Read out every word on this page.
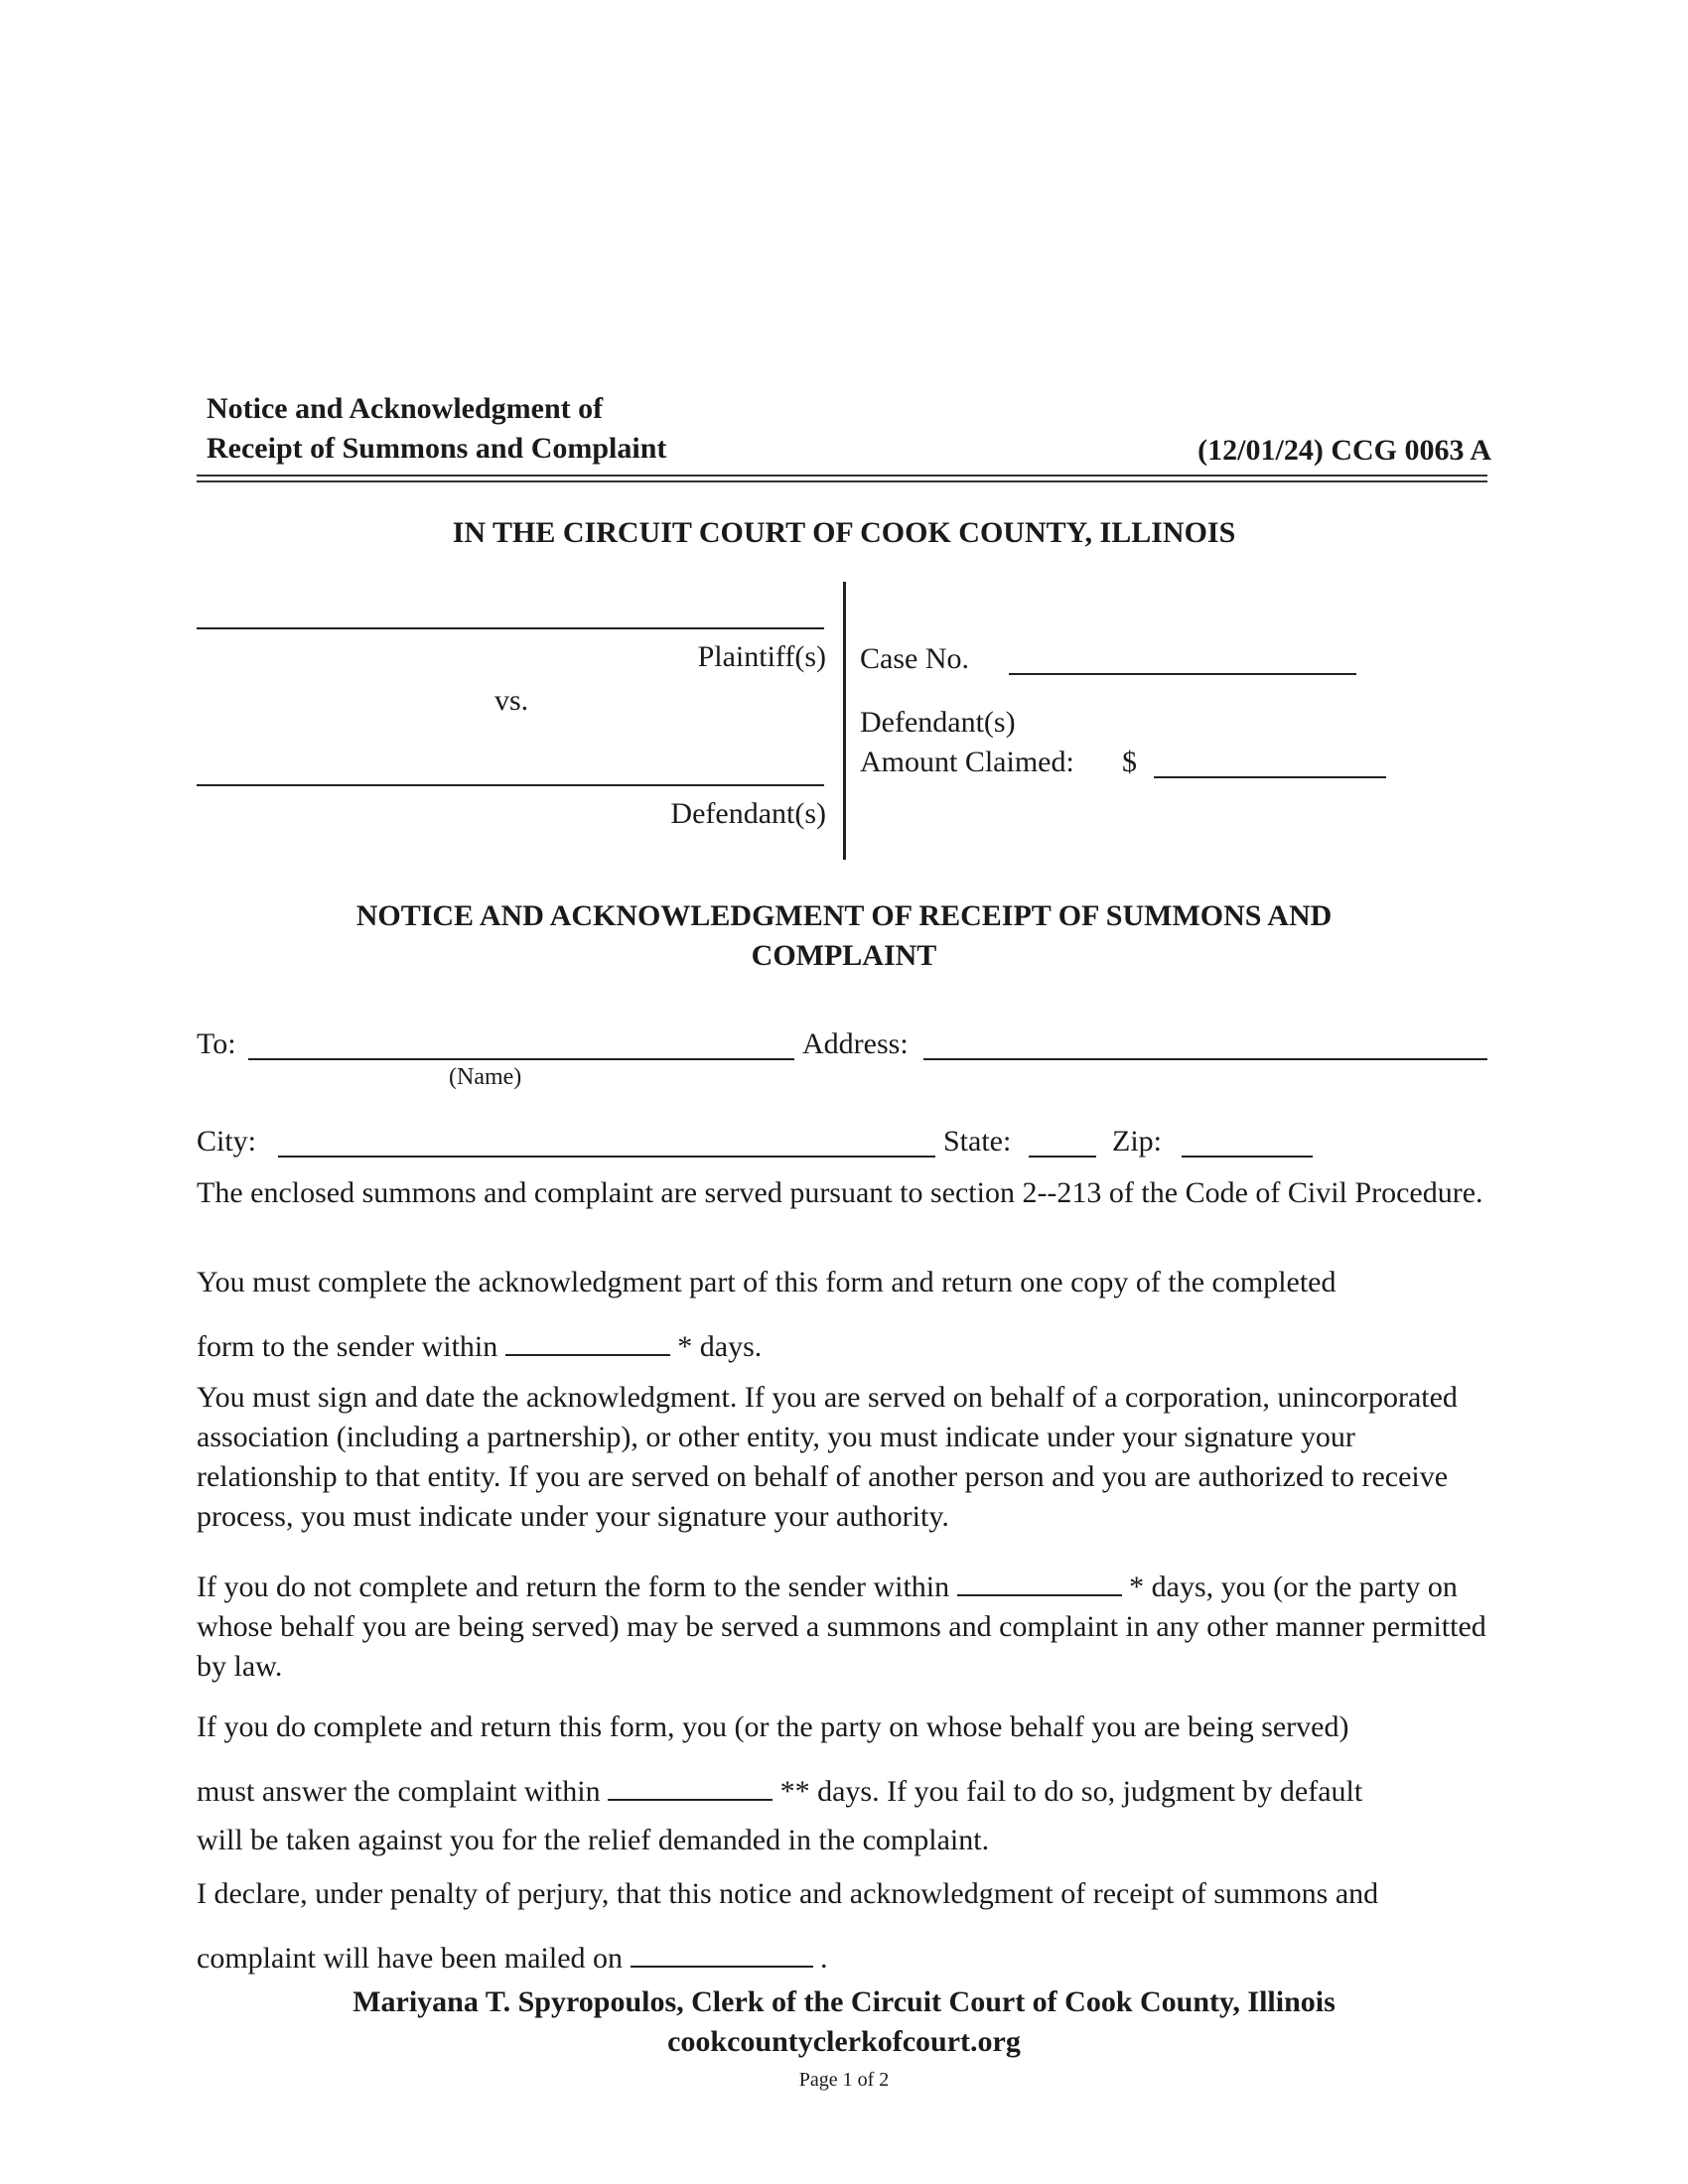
Notice and Acknowledgment of
Receipt of Summons and Complaint	(12/01/24) CCG 0063 A
IN THE CIRCUIT COURT OF COOK COUNTY, ILLINOIS
Plaintiff(s)
vs.
Defendant(s)
Case No.
Defendant(s)
Amount Claimed: $
NOTICE AND ACKNOWLEDGMENT OF RECEIPT OF SUMMONS AND
COMPLAINT
To:
(Name)
Address:
City:	State:	Zip:
The enclosed summons and complaint are served pursuant to section 2--213 of the Code of Civil Procedure.
You must complete the acknowledgment part of this form and return one copy of the completed
form to the sender within	* days.
You must sign and date the acknowledgment. If you are served on behalf of a corporation, unincorporated association (including a partnership), or other entity, you must indicate under your signature your relationship to that entity. If you are served on behalf of another person and you are authorized to receive process, you must indicate under your signature your authority.
If you do not complete and return the form to the sender within	* days, you (or the party on whose behalf you are being served) may be served a summons and complaint in any other manner permitted by law.
If you do complete and return this form, you (or the party on whose behalf you are being served)
must answer the complaint within	** days. If you fail to do so, judgment by default
will be taken against you for the relief demanded in the complaint.
I declare, under penalty of perjury, that this notice and acknowledgment of receipt of summons and
complaint will have been mailed on	.
Mariyana T. Spyropoulos, Clerk of the Circuit Court of Cook County, Illinois
cookcountyclerkofcourt.org
Page 1 of 2
